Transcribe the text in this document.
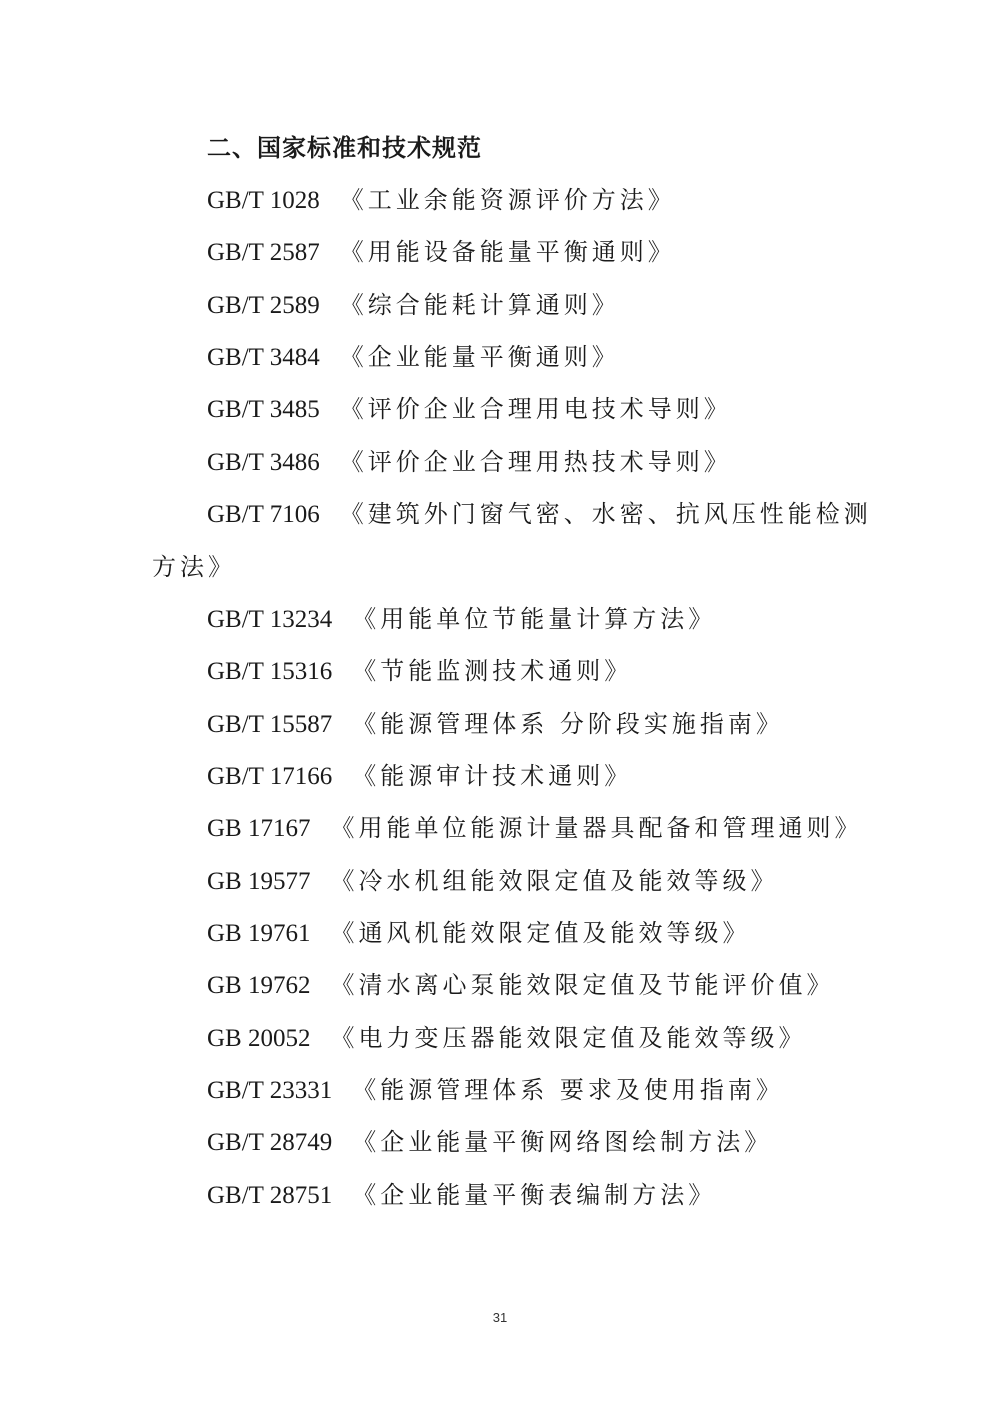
二、国家标准和技术规范
GB/T 1028 《工业余能资源评价方法》
GB/T 2587 《用能设备能量平衡通则》
GB/T 2589 《综合能耗计算通则》
GB/T 3484 《企业能量平衡通则》
GB/T 3485 《评价企业合理用电技术导则》
GB/T 3486 《评价企业合理用热技术导则》
GB/T 7106 《建筑外门窗气密、水密、抗风压性能检测
方法》
GB/T 13234 《用能单位节能量计算方法》
GB/T 15316 《节能监测技术通则》
GB/T 15587 《能源管理体系 分阶段实施指南》
GB/T 17166 《能源审计技术通则》
GB 17167 《用能单位能源计量器具配备和管理通则》
GB 19577 《冷水机组能效限定值及能效等级》
GB 19761 《通风机能效限定值及能效等级》
GB 19762 《清水离心泵能效限定值及节能评价值》
GB 20052 《电力变压器能效限定值及能效等级》
GB/T 23331 《能源管理体系 要求及使用指南》
GB/T 28749 《企业能量平衡网络图绘制方法》
GB/T 28751 《企业能量平衡表编制方法》
31
